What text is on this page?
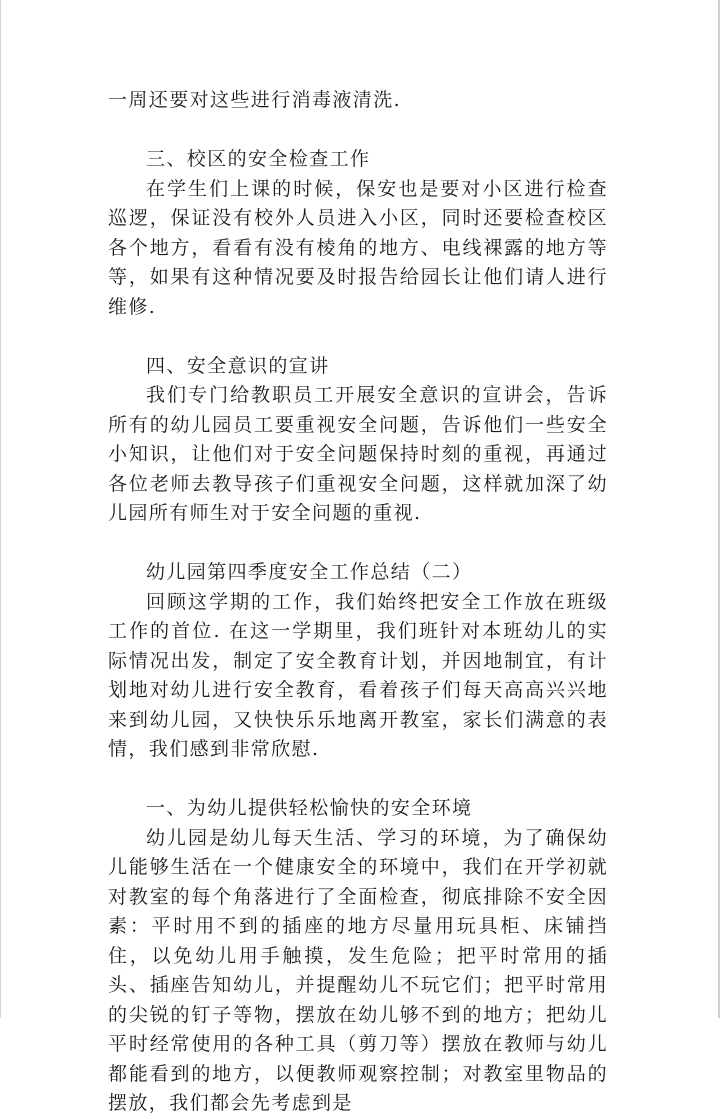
一周还要对这些进行消毒液清洗.

三、校区的安全检查工作

在学生们上课的时候，保安也是要对小区进行检查巡逻，保证没有校外人员进入小区，同时还要检查校区各个地方，看看有没有棱角的地方、电线裸露的地方等等，如果有这种情况要及时报告给园长让他们请人进行维修.

四、安全意识的宣讲

我们专门给教职员工开展安全意识的宣讲会，告诉所有的幼儿园员工要重视安全问题，告诉他们一些安全小知识，让他们对于安全问题保持时刻的重视，再通过各位老师去教导孩子们重视安全问题，这样就加深了幼儿园所有师生对于安全问题的重视.

幼儿园第四季度安全工作总结（二）

回顾这学期的工作，我们始终把安全工作放在班级工作的首位. 在这一学期里，我们班针对本班幼儿的实际情况出发，制定了安全教育计划，并因地制宜，有计划地对幼儿进行安全教育，看着孩子们每天高高兴兴地来到幼儿园，又快快乐乐地离开教室，家长们满意的表情，我们感到非常欣慰.

一、为幼儿提供轻松愉快的安全环境

幼儿园是幼儿每天生活、学习的环境，为了确保幼儿能够生活在一个健康安全的环境中，我们在开学初就对教室的每个角落进行了全面检查，彻底排除不安全因素：平时用不到的插座的地方尽量用玩具柜、床铺挡住，以免幼儿用手触摸，发生危险；把平时常用的插头、插座告知幼儿，并提醒幼儿不玩它们；把平时常用的尖锐的钉子等物，摆放在幼儿够不到的地方；把幼儿平时经常使用的各种工具（剪刀等）摆放在教师与幼儿都能看到的地方，以便教师观察控制；对教室里物品的摆放，我们都会先考虑到是
